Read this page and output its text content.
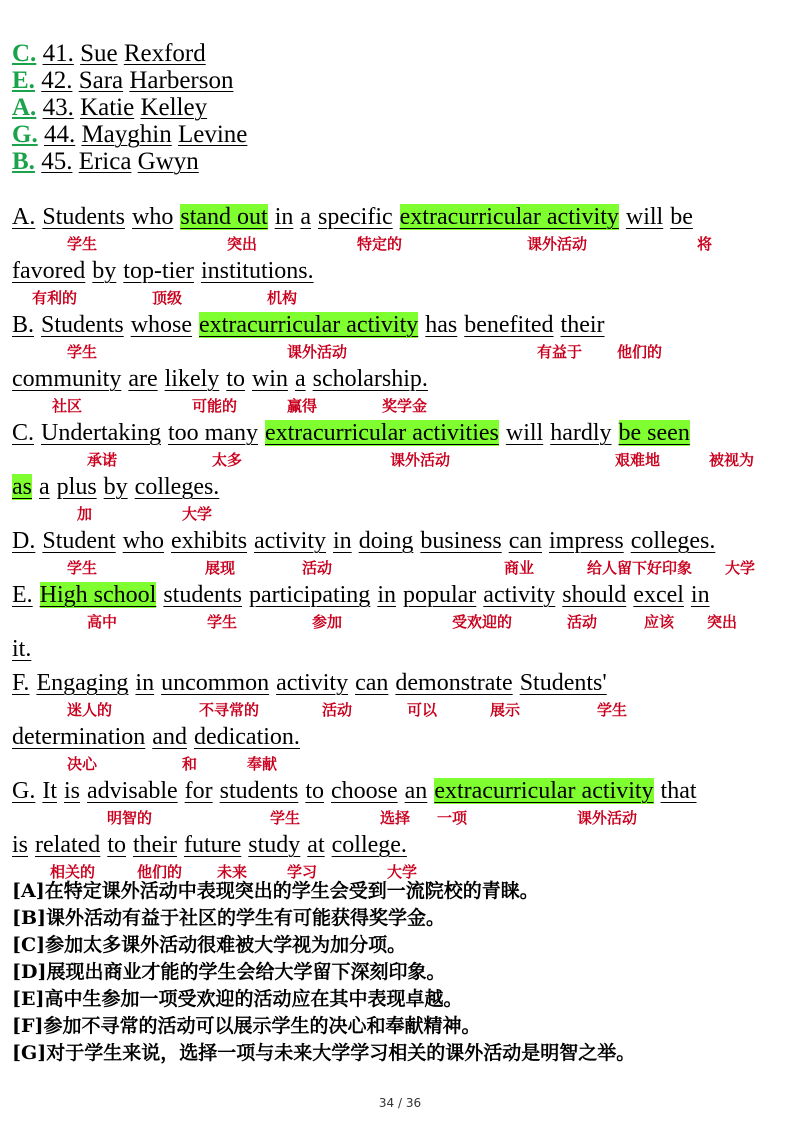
C. 41. Sue Rexford
E. 42. Sara Harberson
A. 43. Katie Kelley
G. 44. Mayghin Levine
B. 45. Erica Gwyn
A. Students who stand out in a specific extracurricular activity will be
学生	突出	特定的	课外活动	将
favored by top-tier institutions.
有利的	顶级	机构
B. Students whose extracurricular activity has benefited their
学生	课外活动	有益于 他们的
community are likely to win a scholarship.
社区	可能的	赢得	奖学金
C. Undertaking too many extracurricular activities will hardly be seen
承诺	太多	课外活动	艰难地	被视为
as a plus by colleges.
加	大学
D. Student who exhibits activity in doing business can impress colleges.
学生	展现	活动	商业	给人留下好印象 大学
E. High school students participating in popular activity should excel in
高中	学生	参加	受欢迎的	活动	应该 突出
it.
F. Engaging in uncommon activity can demonstrate Students'
迷人的	不寻常的	活动	可以	展示	学生
determination and dedication.
决心	和	奉献
G. It is advisable for students to choose an extracurricular activity that
明智的	学生	选择 一项	课外活动
is related to their future study at college.
相关的	他们的 未来	学习	大学
[A]在特定课外活动中表现突出的学生会受到一流院校的青睐。
[B]课外活动有益于社区的学生有可能获得奖学金。
[C]参加太多课外活动很难被大学视为加分项。
[D]展现出商业才能的学生会给大学留下深刻印象。
[E]高中生参加一项受欢迎的活动应在其中表现卓越。
[F]参加不寻常的活动可以展示学生的决心和奉献精神。
[G]对于学生来说，选择一项与未来大学学习相关的课外活动是明智之举。
34 / 36
